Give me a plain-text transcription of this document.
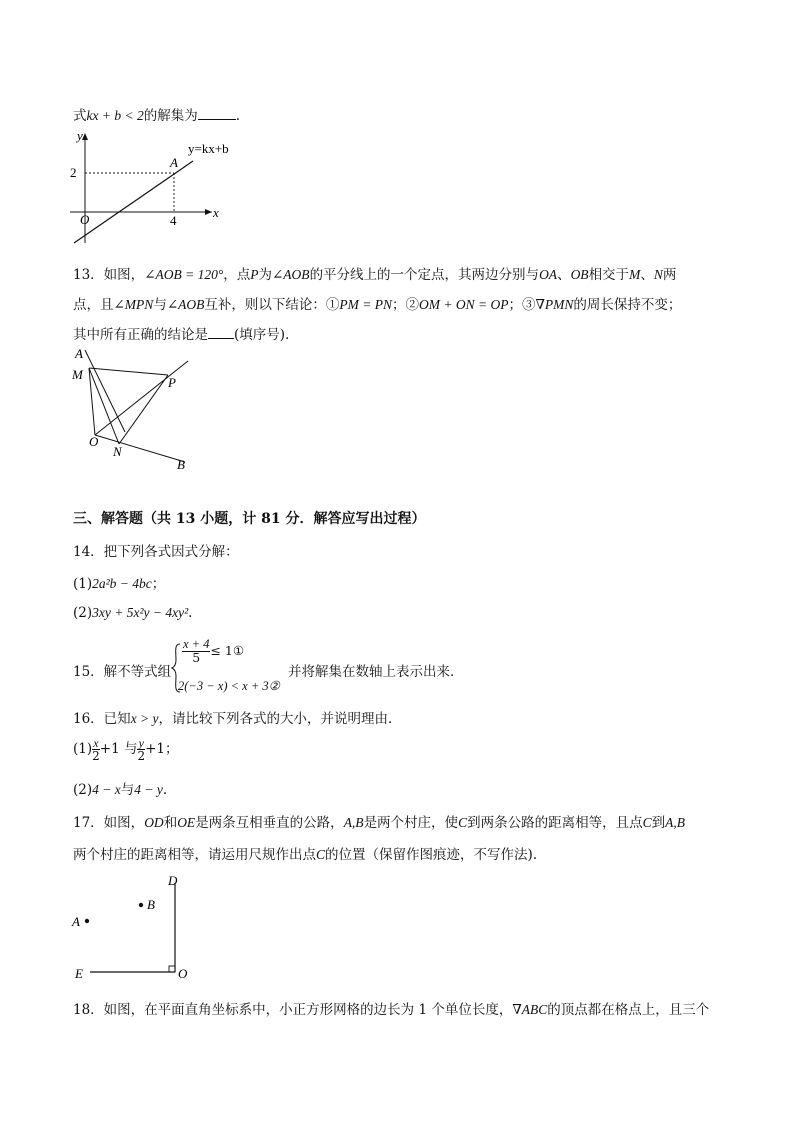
式kx + b < 2的解集为	.
y
x
O
2
4
A
y=kx+b
13．如图，∠AOB = 120°，点P为∠AOB的平分线上的一个定点，其两边分别与OA、OB相交于M、N两
点，且∠MPN与∠AOB互补，则以下结论：①PM = PN；②OM + ON = OP；③∇PMN的周长保持不变；
其中所有正确的结论是 (填序号).
A
M
P
O
N
B
三、解答题（共 13 小题，计 81 分．解答应写出过程）
14．把下列各式因式分解：
(1)2a²b − 4bc；
(2)3xy + 5x²y − 4xy².
15．解不等式组
$\frac{x + 4}{5}$ ≤ 1①
2(−3 − x) < x + 3②
并将解集在数轴上表示出来．
16．已知x > y，请比较下列各式的大小，并说明理由．
$(1) \frac{x}{2} +1$ 与 $\frac{y}{2} +1$；
(2)4 − x与4 − y.
17．如图，OD和OE是两条互相垂直的公路，A,B是两个村庄，使C到两条公路的距离相等，且点C到A,B
两个村庄的距离相等，请运用尺规作出点C的位置（保留作图痕迹，不写作法).
A
B
D
E	O
18．如图，在平面直角坐标系中，小正方形网格的边长为 1 个单位长度，∇ABC的顶点都在格点上，且三个
